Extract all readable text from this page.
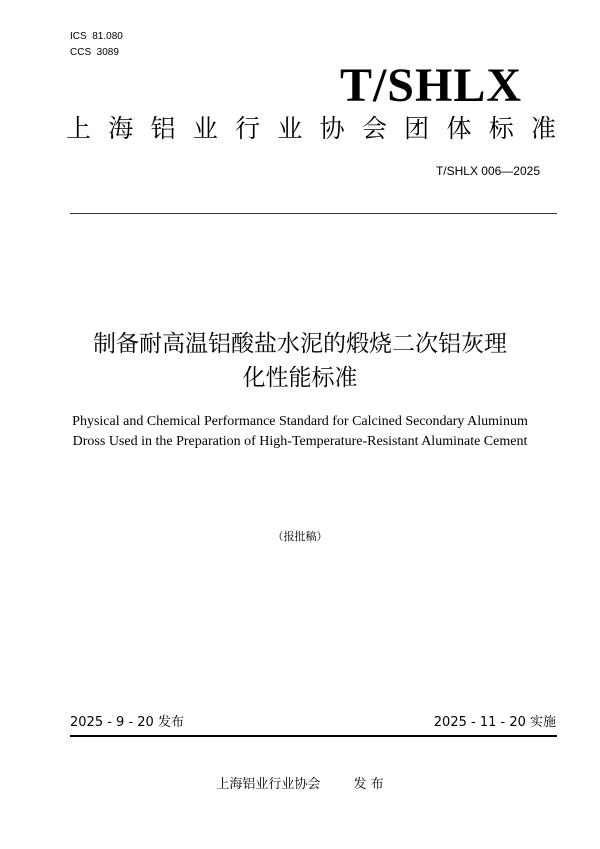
ICS  81.080
CCS  3089
T/SHLX
上海铝业行业协会团体标准
T/SHLX 006—2025
制备耐高温铝酸盐水泥的煅烧二次铝灰理
化性能标准
Physical and Chemical Performance Standard for Calcined Secondary Aluminum
Dross Used in the Preparation of High-Temperature-Resistant Aluminate Cement
（报批稿）
2025 - 9 - 20 发布	2025 - 11 - 20 实施
上海铝业行业协会	发 布
